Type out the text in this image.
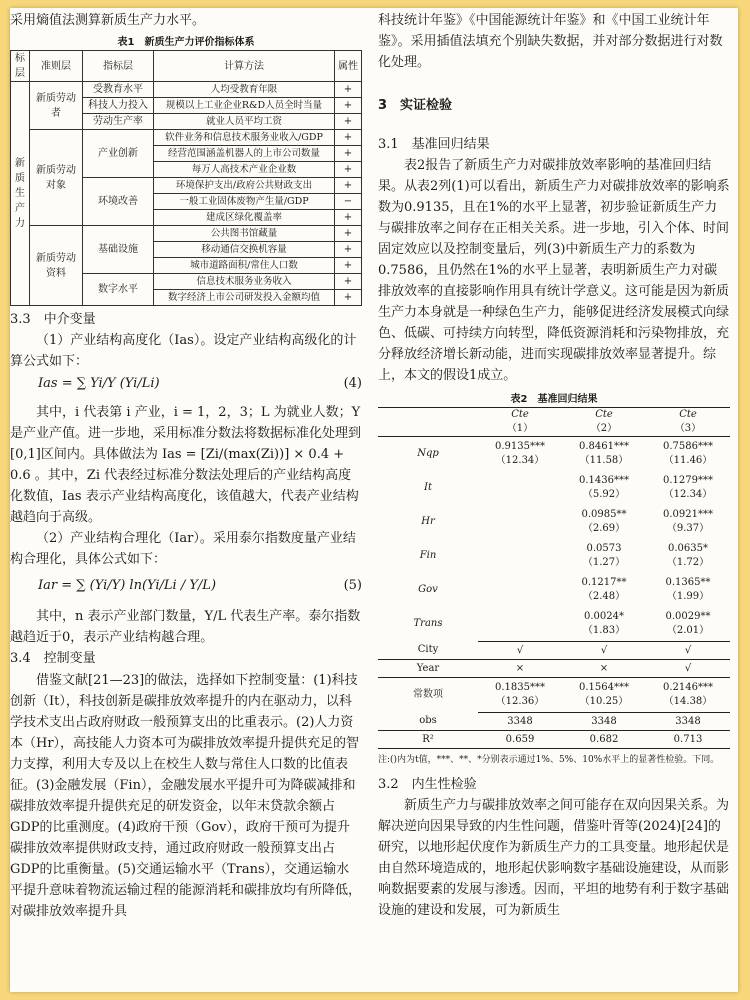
采用熵值法测算新质生产力水平。

表1　新质生产力评价指标体系

标层	准则层	指标层	计算方法	属性
新质生产力	新质劳动者	受教育水平	人均受教育年限	+
		科技人力投入	规模以上工业企业R&D人员全时当量	+
		劳动生产率	就业人员平均工资	+
	新质劳动对象	产业创新	软件业务和信息技术服务业收入/GDP	+
			经营范围涵盖机器人的上市公司数量	+
			每万人高技术产业企业数	+
		环境改善	环境保护支出/政府公共财政支出	+
			一般工业固体废物产生量/GDP	−
			建成区绿化覆盖率	+
	新质劳动资料	基础设施	公共图书馆藏量	+
			移动通信交换机容量	+
			城市道路面积/常住人口数	+
		数字水平	信息技术服务业务收入	+
			数字经济上市公司研发投入金额均值	+

3.3　中介变量

（1）产业结构高度化（Ias）。设定产业结构高级化的计算公式如下：

Ias = ∑ Yi/Y (Yi/Li)	(4)

其中，i 代表第 i 产业，i = 1，2，3；L 为就业人数；Y 是产业产值。进一步地，采用标准分数法将数据标准化处理到[0,1]区间内。具体做法为 Ias = [Zi/(max(Zi))] × 0.4 + 0.6 。其中，Zi 代表经过标准分数法处理后的产业结构高度化数值，Ias 表示产业结构高度化，该值越大，代表产业结构越趋向于高级。

（2）产业结构合理化（Iar）。采用泰尔指数度量产业结构合理化，具体公式如下：

Iar = ∑ (Yi/Y) ln(Yi/Li / Y/L)	(5)

其中，n 表示产业部门数量，Y/L 代表生产率。泰尔指数越趋近于0，表示产业结构越合理。

3.4　控制变量

借鉴文献[21—23]的做法，选择如下控制变量：(1)科技创新（It），科技创新是碳排放效率提升的内在驱动力，以科学技术支出占政府财政一般预算支出的比重表示。(2)人力资本（Hr），高技能人力资本可为碳排放效率提升提供充足的智力支撑，利用大专及以上在校生人数与常住人口数的比值表征。(3)金融发展（Fin），金融发展水平提升可为降碳减排和碳排放效率提升提供充足的研发资金，以年末贷款余额占GDP的比重测度。(4)政府干预（Gov），政府干预可为提升碳排放效率提供财政支持，通过政府财政一般预算支出占GDP的比重衡量。(5)交通运输水平（Trans），交通运输水平提升意味着物流运输过程的能源消耗和碳排放均有所降低，对碳排放效率提升具

科技统计年鉴》《中国能源统计年鉴》和《中国工业统计年鉴》。采用插值法填充个别缺失数据，并对部分数据进行对数化处理。

3　实证检验

3.1　基准回归结果

表2报告了新质生产力对碳排放效率影响的基准回归结果。从表2列(1)可以看出，新质生产力对碳排放效率的影响系数为0.9135，且在1%的水平上显著，初步验证新质生产力与碳排放率之间存在正相关关系。进一步地，引入个体、时间固定效应以及控制变量后，列(3)中新质生产力的系数为0.7586，且仍然在1%的水平上显著，表明新质生产力对碳排放效率的直接影响作用具有统计学意义。这可能是因为新质生产力本身就是一种绿色生产力，能够促进经济发展模式向绿色、低碳、可持续方向转型，降低资源消耗和污染物排放，充分释放经济增长新动能，进而实现碳排放效率显著提升。综上，本文的假设1成立。

表2　基准回归结果

	Cte	Cte	Cte
	（1）	（2）	（3）
Nqp	0.9135***	0.8461***	0.7586***
	（12.34）	（11.58）	（11.46）
It		0.1436***	0.1279***
		（5.92）	（12.34）
Hr		0.0985**	0.0921***
		（2.69）	（9.37）
Fin		0.0573	0.0635*
		（1.27）	（1.72）
Gov		0.1217**	0.1365**
		（2.48）	（1.99）
Trans		0.0024*	0.0029**
		（1.83）	（2.01）
City	√	√	√
Year	×	×	√
常数项	0.1835***	0.1564***	0.2146***
	（12.36）	（10.25）	（14.38）
obs	3348	3348	3348
R²	0.659	0.682	0.713

注:()内为t值，***、**、*分别表示通过1%、5%、10%水平上的显著性检验。下同。

3.2　内生性检验

新质生产力与碳排放效率之间可能存在双向因果关系。为解决逆向因果导致的内生性问题，借鉴叶胥等(2024)[24]的研究，以地形起伏度作为新质生产力的工具变量。地形起伏是由自然环境造成的，地形起伏影响数字基础设施建设，从而影响数据要素的发展与渗透。因而，平坦的地势有利于数字基础设施的建设和发展，可为新质生
